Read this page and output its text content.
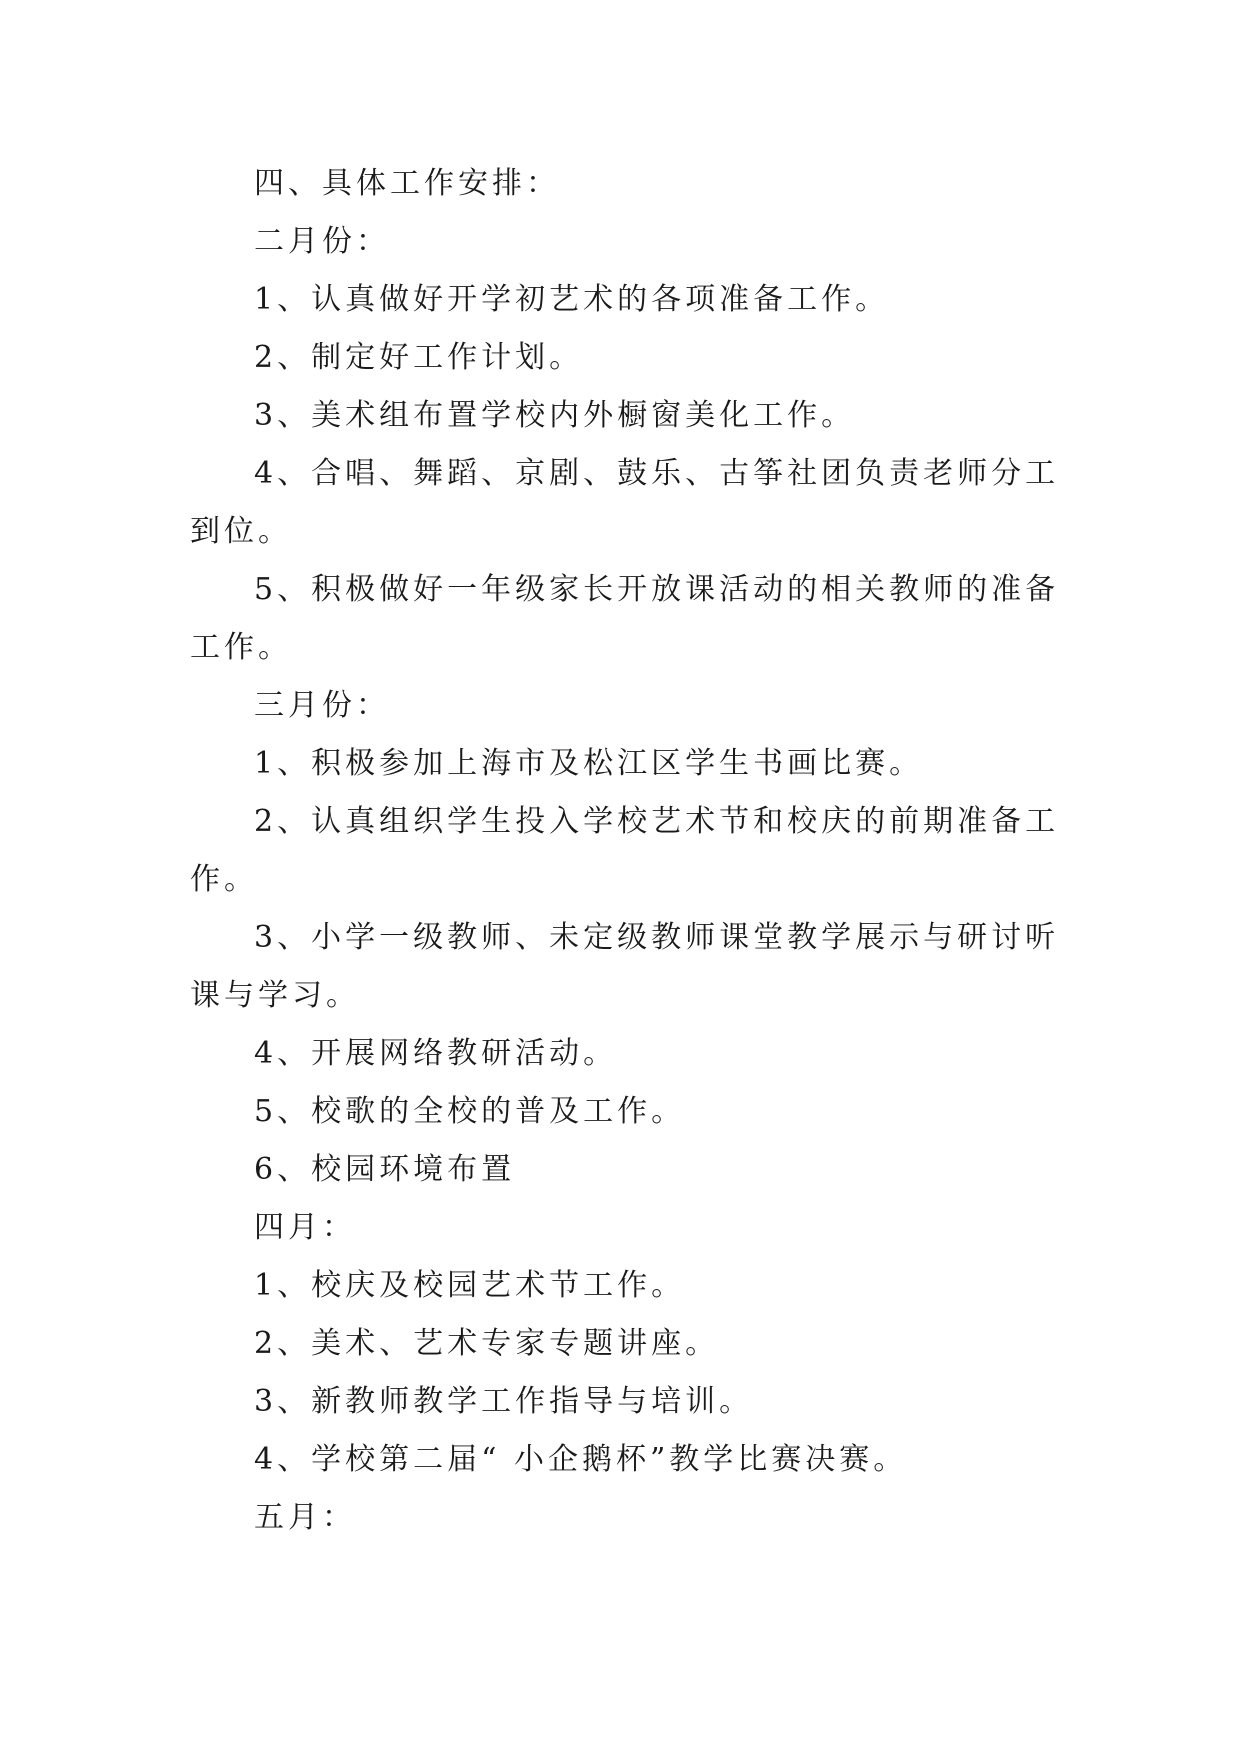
四、具体工作安排：

二月份：

1、认真做好开学初艺术的各项准备工作。

2、制定好工作计划。

3、美术组布置学校内外橱窗美化工作。

4、合唱、舞蹈、京剧、鼓乐、古筝社团负责老师分工到位。

5、积极做好一年级家长开放课活动的相关教师的准备工作。

三月份：

1、积极参加上海市及松江区学生书画比赛。

2、认真组织学生投入学校艺术节和校庆的前期准备工作。

3、小学一级教师、未定级教师课堂教学展示与研讨听课与学习。

4、开展网络教研活动。

5、校歌的全校的普及工作。

6、校园环境布置

四月：

1、校庆及校园艺术节工作。

2、美术、艺术专家专题讲座。

3、新教师教学工作指导与培训。

4、学校第二届“ 小企鹅杯”教学比赛决赛。

五月：
